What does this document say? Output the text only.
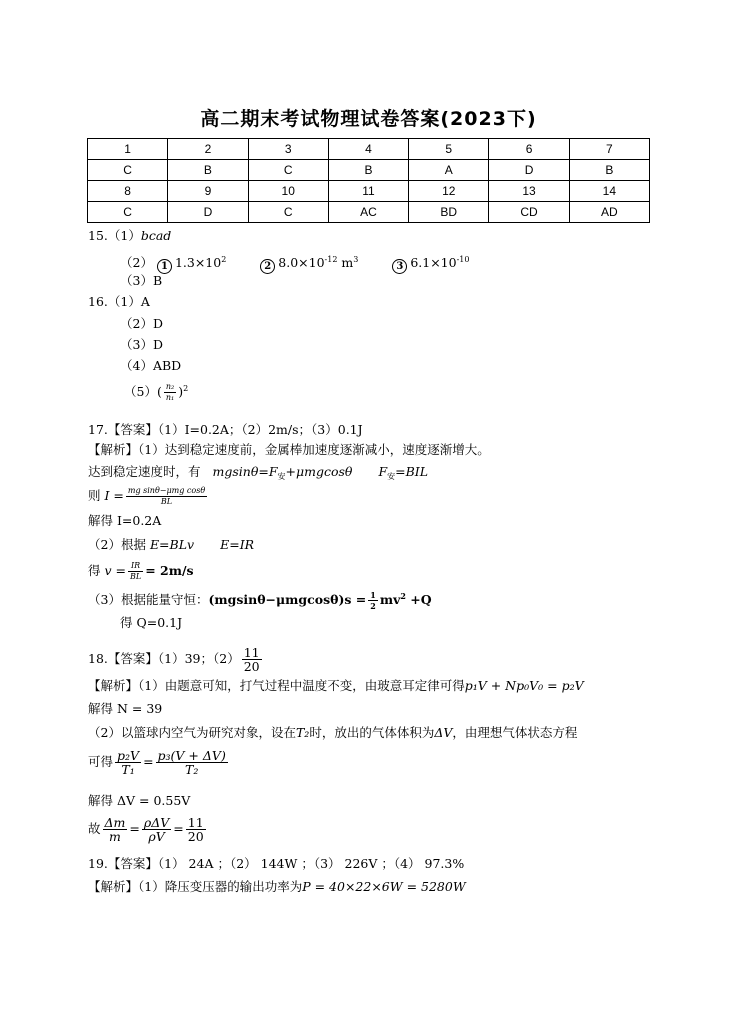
高二期末考试物理试卷答案(2023下)
1	2	3	4	5	6	7
C	B	C	B	A	D	B
8	9	10	11	12	13	14
C	D	C	AC	BD	CD	AD
15.（1）bcad
（2） 1 $1.3\times 10^2$  2 $8.0\times 10^{-12}$ $m^3$  3 $6.1\times 10^{-10}$
（3）B
16.（1）A
（2）D
（3）D
（4）ABD
$(5)( \frac{\text{n₂}}{\text{n₁}} )^2$
17.【答案】（1）I=0.2A；（2）2m/s；（3）0.1J
【解析】（1）达到稳定速度前，金属棒加速度逐渐减小，速度逐渐增大。
达到稳定速度时，有 $mgsin\theta=F_安+\mu mgcos\theta$ $F_安=BIL$
则 $I = \frac{\text{mg sinθ−μmg cosθ}}{BL}$
解得 I=0.2A
（2）根据 E=BLv E=IR
得 $v = \frac{IR}{BL} = 2m/s$
（3）根据能量守恒：$(mgsin\theta-\mu mgcos\theta)s = \frac{1}{2} mv^2 +Q$
得 Q=0.1J
18.【答案】（1）39；$(2) \frac{11}{20}$
【解析】（1）由题意可知，打气过程中温度不变，由玻意耳定律可得p₁V + Np₀V₀ = p₂V
解得 N = 39
（2）以篮球内空气为研究对象，设在T₂时，放出的气体体积为ΔV，由理想气体状态方程
可得 $\frac{\text{p₂V}}{\text{T₁}} = \frac{\text{p₃(V + ΔV)}}{\text{T₂}}$
解得 ΔV = 0.55V
故 $\frac{\Delta m}{m} = \frac{\text{ρΔV}}{\rho V} = \frac{11}{20}$
19.【答案】（1） 24A ；（2） 144W ；（3） 226V ；（4） 97.3%
【解析】（1）降压变压器的输出功率为P = 40×22×6W = 5280W
